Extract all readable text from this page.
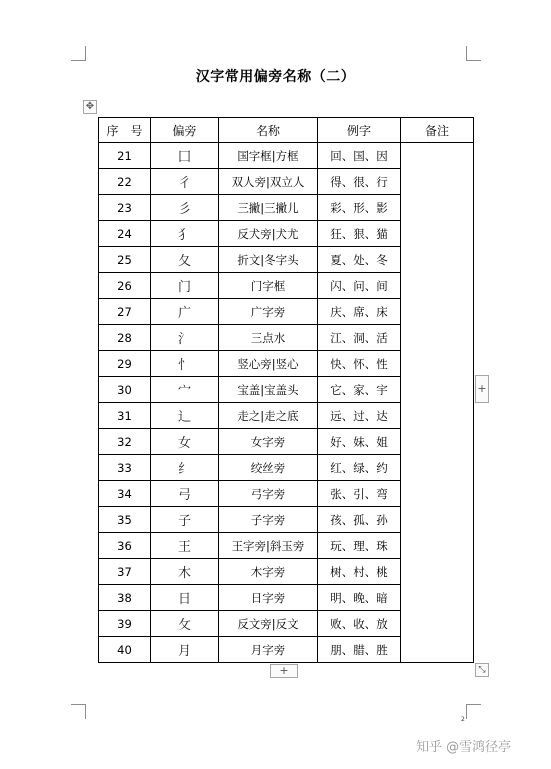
汉字常用偏旁名称（二）
✥
序　号	偏旁	名称	例字	备注
21	囗	国字框|方框	回、国、因	
22	彳	双人旁|双立人	得、很、行	
23	彡	三撇|三撇儿	彩、形、影	
24	犭	反犬旁|犬尤	狂、狠、猫	
25	夂	折文|冬字头	夏、处、冬	
26	门	门字框	闪、问、间	
27	广	广字旁	庆、席、床	
28	氵	三点水	江、洞、活	
29	忄	竖心旁|竖心	快、怀、性	
30	宀	宝盖|宝盖头	它、家、宇	
31	辶	走之|走之底	远、过、达	
32	女	女字旁	好、妹、姐	
33	纟	绞丝旁	红、绿、约	
34	弓	弓字旁	张、引、弯	
35	子	子字旁	孩、孤、孙	
36	王	王字旁|斜玉旁	玩、理、珠	
37	木	木字旁	树、村、桃	
38	日	日字旁	明、晚、暗	
39	攵	反文旁|反文	败、收、放	
40	月	月字旁	朋、腊、胜	
+
+	⤡
2
知乎 @雪鸿径亭
